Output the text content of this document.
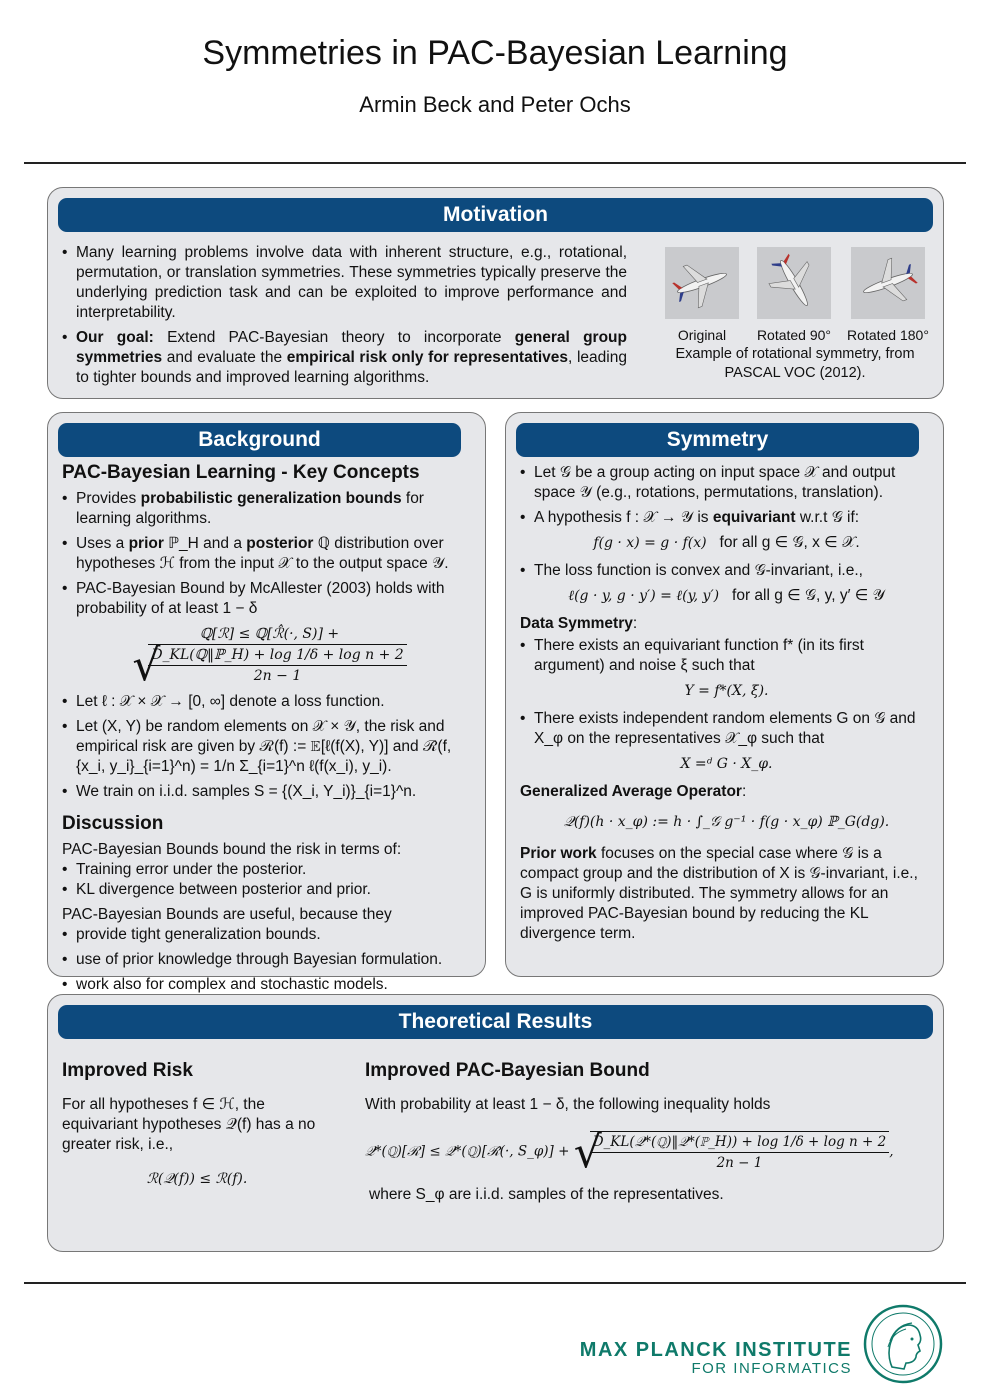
Symmetries in PAC-Bayesian Learning
Armin Beck and Peter Ochs
Motivation
• Many learning problems involve data with inherent structure, e.g., rotational, permutation, or translation symmetries. These symmetries typically preserve the underlying prediction task and can be exploited to improve performance and interpretability.
• Our goal: Extend PAC-Bayesian theory to incorporate general group symmetries and evaluate the empirical risk only for representatives, leading to tighter bounds and improved learning algorithms.
Original	Rotated 90°	Rotated 180°
Example of rotational symmetry, from PASCAL VOC (2012).
Background
PAC-Bayesian Learning - Key Concepts
• Provides probabilistic generalization bounds for learning algorithms.
• Uses a prior ℙ_H and a posterior ℚ distribution over hypotheses ℋ from the input 𝒳 to the output space 𝒴.
• PAC-Bayesian Bound by McAllester (2003) holds with probability of at least 1 − δ
ℚ[ℛ] ≤ ℚ[ℛ̂(·, S)] +
√
$\frac{\text{D\_KL(ℚ‖ℙ\_H) + log 1/δ + log n + 2}}{2n - 1}$
• Let ℓ : 𝒳 × 𝒳 → [0, ∞] denote a loss function.
• Let (X, Y) be random elements on 𝒳 × 𝒴, the risk and empirical risk are given by ℛ(f) := 𝔼[ℓ(f(X), Y)] and ℛ̂(f, {x_i, y_i}_{i=1}^n) = 1/n Σ_{i=1}^n ℓ(f(x_i), y_i).
• We train on i.i.d. samples S = {(X_i, Y_i)}_{i=1}^n.
Discussion
PAC-Bayesian Bounds bound the risk in terms of:
• Training error under the posterior.
• KL divergence between posterior and prior.
PAC-Bayesian Bounds are useful, because they
• provide tight generalization bounds.
• use of prior knowledge through Bayesian formulation.
• work also for complex and stochastic models.
Symmetry
• Let 𝒢 be a group acting on input space 𝒳 and output space 𝒴 (e.g., rotations, permutations, translation).
• A hypothesis f : 𝒳 → 𝒴 is equivariant w.r.t 𝒢 if:
f(g · x) = g · f(x) for all g ∈ 𝒢, x ∈ 𝒳.
• The loss function is convex and 𝒢-invariant, i.e.,
ℓ(g · y, g · y′) = ℓ(y, y′) for all g ∈ 𝒢, y, y′ ∈ 𝒴
Data Symmetry:
• There exists an equivariant function f* (in its first argument) and noise ξ such that
Y = f*(X, ξ).
• There exists independent random elements G on 𝒢 and X_φ on the representatives 𝒳_φ such that
X =ᵈ G · X_φ.
Generalized Average Operator:
𝒬(f)(h · x_φ) := h · ∫_𝒢 g⁻¹ · f(g · x_φ) ℙ_G(dg).
Prior work focuses on the special case where 𝒢 is a compact group and the distribution of X is 𝒢-invariant, i.e., G is uniformly distributed. The symmetry allows for an improved PAC-Bayesian bound by reducing the KL divergence term.
Theoretical Results
Improved Risk
For all hypotheses f ∈ ℋ, the equivariant hypotheses 𝒬(f) has a no greater risk, i.e.,
ℛ(𝒬(f)) ≤ ℛ(f).
Improved PAC-Bayesian Bound
With probability at least 1 − δ, the following inequality holds
𝒬*(ℚ)[ℛ] ≤ 𝒬*(ℚ)[ℛ̂(·, S_φ)] + √
$\frac{\text{D\_KL(𝒬*(ℚ)‖𝒬*(ℙ\_H)) + log 1/δ + log n + 2}}{2n - 1}$ ,
where S_φ are i.i.d. samples of the representatives.
MAX PLANCK INSTITUTE
FOR INFORMATICS
